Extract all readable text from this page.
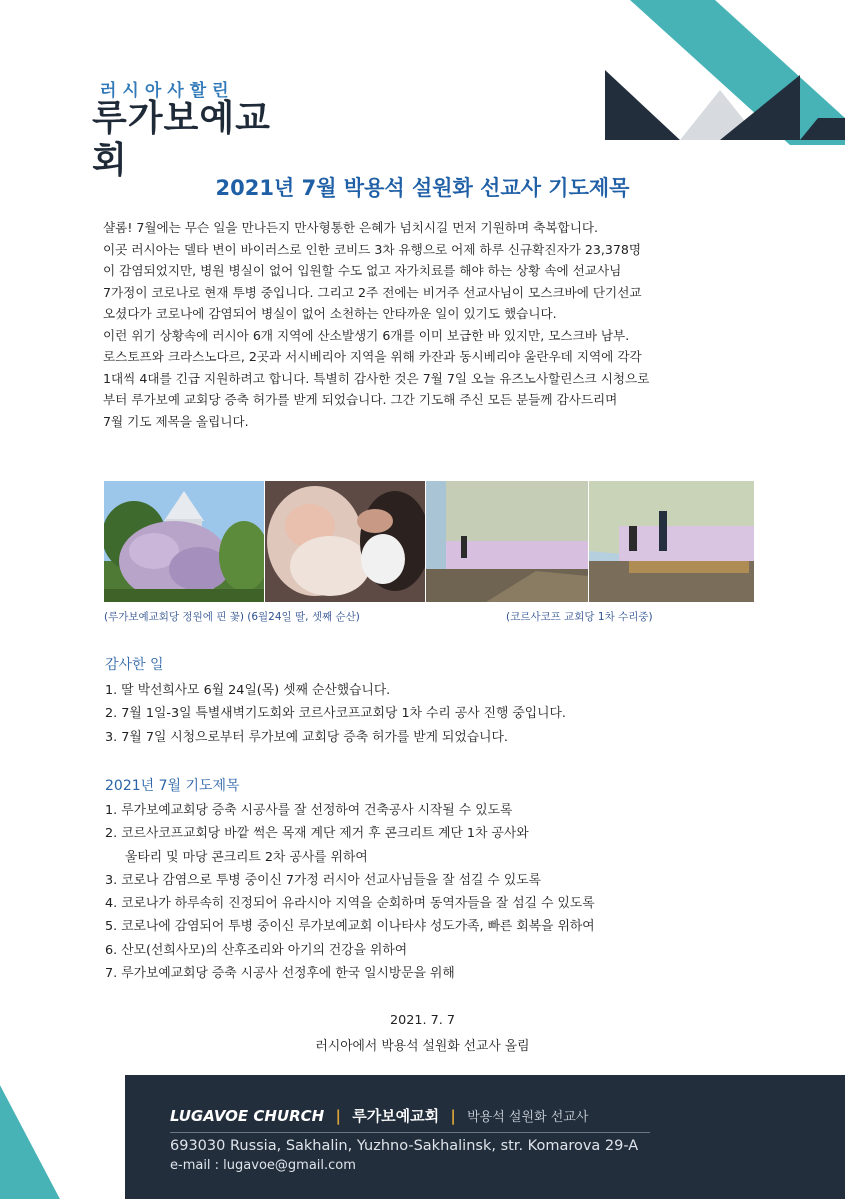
러시아사할린
루가보예교회
2021년 7월 박용석 설원화 선교사 기도제목

샬롬! 7월에는 무슨 일을 만나든지 만사형통한 은혜가 넘치시길 먼저 기원하며 축복합니다.

이곳 러시아는 델타 변이 바이러스로 인한 코비드 3차 유행으로 어제 하루 신규확진자가 23,378명

이 감염되었지만, 병원 병실이 없어 입원할 수도 없고 자가치료를 해야 하는 상황 속에 선교사님

7가정이 코로나로 현재 투병 중입니다. 그리고 2주 전에는 비거주 선교사님이 모스크바에 단기선교

오셨다가 코로나에 감염되어 병실이 없어 소천하는 안타까운 일이 있기도 했습니다.

이런 위기 상황속에 러시아 6개 지역에 산소발생기 6개를 이미 보급한 바 있지만, 모스크바 남부.

로스토프와 크라스노다르, 2곳과 서시베리아 지역을 위해 카잔과 동시베리야 울란우데 지역에 각각

1대씩 4대를 긴급 지원하려고 합니다. 특별히 감사한 것은 7월 7일 오늘 유즈노사할린스크 시청으로

부터 루가보예 교회당 증축 허가를 받게 되었습니다. 그간 기도해 주신 모든 분들께 감사드리며

7월 기도 제목을 올립니다.

(루가보예교회당 정원에 핀 꽃) (6월24일 딸, 셋째 순산)	(코르사코프 교회당 1차 수리중)
감사한 일
1. 딸 박선희사모 6월 24일(목) 셋째 순산했습니다.
2. 7월 1일-3일 특별새벽기도회와 코르사코프교회당 1차 수리 공사 진행 중입니다.
3. 7월 7일 시청으로부터 루가보예 교회당 증축 허가를 받게 되었습니다.
2021년 7월 기도제목
1. 루가보예교회당 증축 시공사를 잘 선정하여 건축공사 시작될 수 있도록
2. 코르사코프교회당 바깥 썩은 목재 계단 제거 후 콘크리트 계단 1차 공사와
울타리 및 마당 콘크리트 2차 공사를 위하여
3. 코로나 감염으로 투병 중이신 7가정 러시아 선교사님들을 잘 섬길 수 있도록
4. 코로나가 하루속히 진정되어 유라시아 지역을 순회하며 동역자들을 잘 섬길 수 있도록
5. 코로나에 감염되어 투병 중이신 루가보예교회 이나타샤 성도가족, 빠른 회복을 위하여
6. 산모(선희사모)의 산후조리와 아기의 건강을 위하여
7. 루가보예교회당 증축 시공사 선정후에 한국 일시방문을 위해
2021. 7. 7
러시아에서 박용석 설원화 선교사 올림
LUGAVOE CHURCH | 루가보예교회 | 박용석 설원화 선교사
693030 Russia, Sakhalin, Yuzhno-Sakhalinsk, str. Komarova 29-A
e-mail : lugavoe@gmail.com
